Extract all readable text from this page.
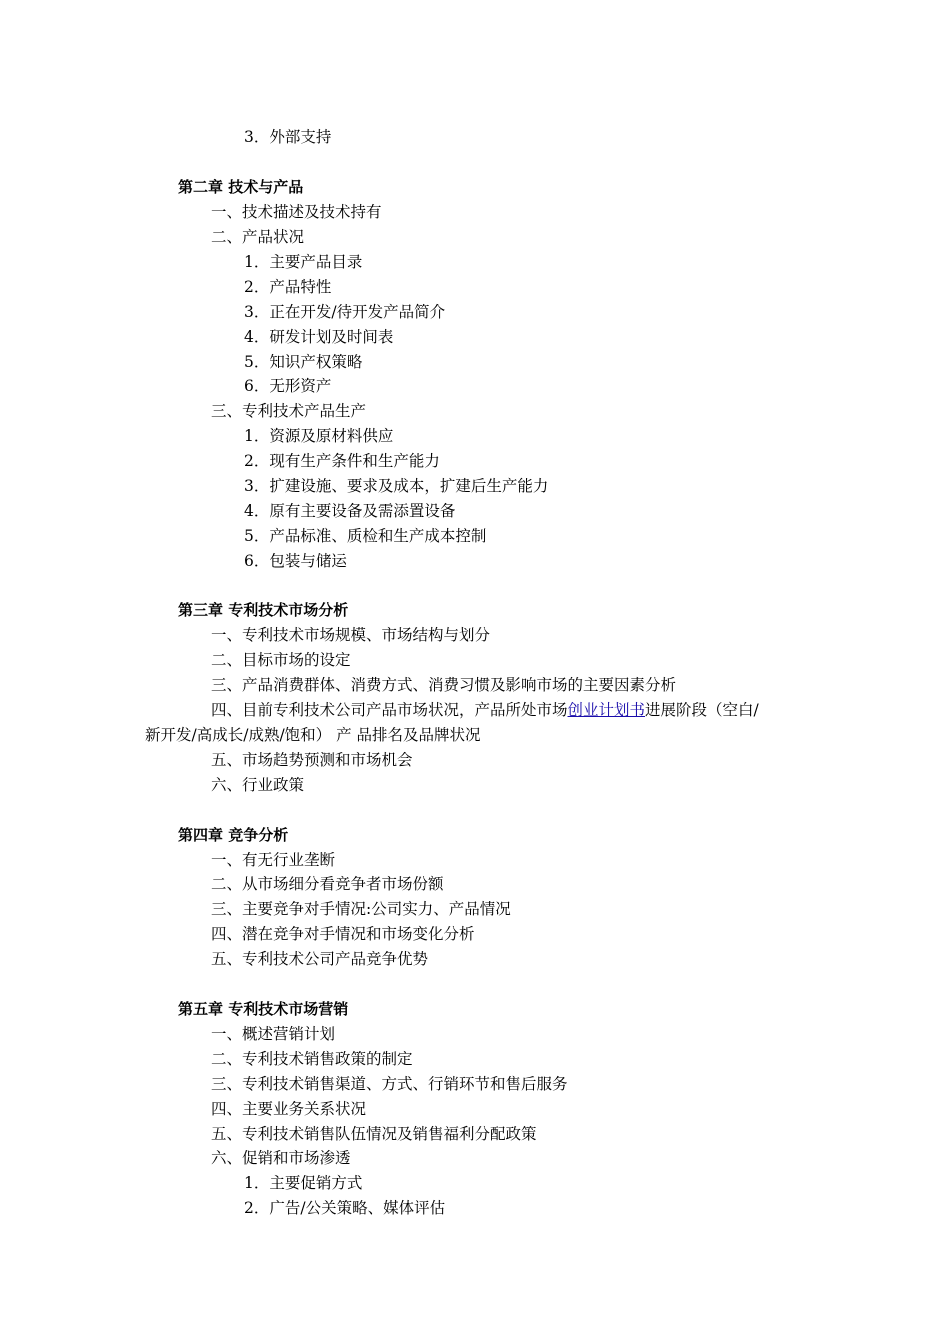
3．外部支持
第二章 技术与产品
一、技术描述及技术持有
二、产品状况
1．主要产品目录
2．产品特性
3．正在开发/待开发产品简介
4．研发计划及时间表
5．知识产权策略
6．无形资产
三、专利技术产品生产
1．资源及原材料供应
2．现有生产条件和生产能力
3．扩建设施、要求及成本，扩建后生产能力
4．原有主要设备及需添置设备
5．产品标准、质检和生产成本控制
6．包装与储运
第三章 专利技术市场分析
一、专利技术市场规模、市场结构与划分
二、目标市场的设定
三、产品消费群体、消费方式、消费习惯及影响市场的主要因素分析
四、目前专利技术公司产品市场状况，产品所处市场创业计划书进展阶段（空白/
新开发/高成长/成熟/饱和） 产 品排名及品牌状况
五、市场趋势预测和市场机会
六、行业政策
第四章 竞争分析
一、有无行业垄断
二、从市场细分看竞争者市场份额
三、主要竞争对手情况:公司实力、产品情况
四、潜在竞争对手情况和市场变化分析
五、专利技术公司产品竞争优势
第五章 专利技术市场营销
一、概述营销计划
二、专利技术销售政策的制定
三、专利技术销售渠道、方式、行销环节和售后服务
四、主要业务关系状况
五、专利技术销售队伍情况及销售福利分配政策
六、促销和市场渗透
1．主要促销方式
2．广告/公关策略、媒体评估
